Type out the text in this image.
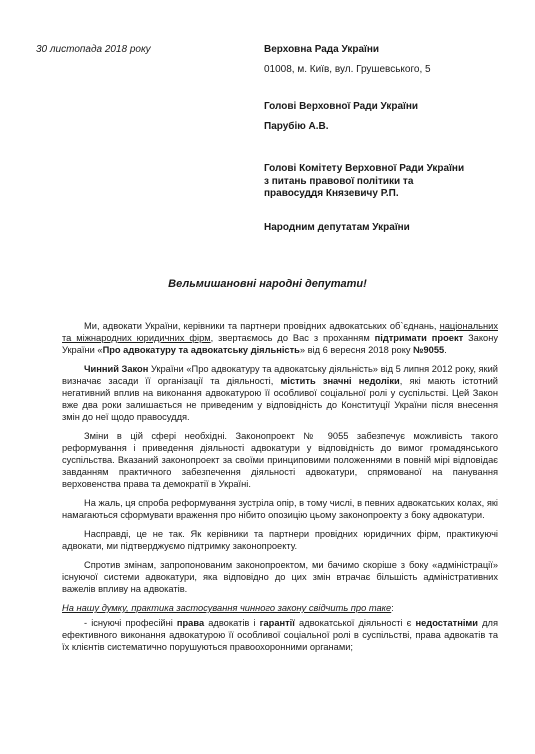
30 листопада 2018 року	Верховна Рада України
01008, м. Київ, вул. Грушевського, 5
Голові Верховної Ради України
Парубію А.В.
Голові Комітету Верховної Ради України
з питань правової політики та
правосуддя Князевичу Р.П.
Народним депутатам України
Вельмишановні народні депутати!

Ми, адвокати України, керівники та партнери провідних адвокатських об`єднань, національних та міжнародних юридичних фірм, звертаємось до Вас з проханням підтримати проект Закону України «Про адвокатуру та адвокатську діяльність» від 6 вересня 2018 року №9055.

Чинний Закон України «Про адвокатуру та адвокатську діяльність» від 5 липня 2012 року, який визначає засади її організації та діяльності, містить значні недоліки, які мають істотний негативний вплив на виконання адвокатурою її особливої соціальної ролі у суспільстві. Цей Закон вже два роки залишається не приведеним у відповідність до Конституції України після внесення змін до неї щодо правосуддя.

Зміни в цій сфері необхідні. Законопроект № 9055 забезпечує можливість такого реформування і приведення діяльності адвокатури у відповідність до вимог громадянського суспільства. Вказаний законопроект за своїми принциповими положеннями в повній мірі відповідає завданням практичного забезпечення діяльності адвокатури, спрямованої на панування верховенства права та демократії в Україні.

На жаль, ця спроба реформування зустріла опір, в тому числі, в певних адвокатських колах, які намагаються сформувати враження про нібито опозицію цьому законопроекту з боку адвокатури.

Насправді, це не так. Як керівники та партнери провідних юридичних фірм, практикуючі адвокати, ми підтверджуємо підтримку законопроекту.

Спротив змінам, запропонованим законопроектом, ми бачимо скоріше з боку «адміністрації» існуючої системи адвокатури, яка відповідно до цих змін втрачає більшість адміністративних важелів впливу на адвокатів.

На нашу думку, практика застосування чинного закону свідчить про таке:

- існуючі професійні права адвокатів і гарантії адвокатської діяльності є недостатніми для ефективного виконання адвокатурою її особливої соціальної ролі в суспільстві, права адвокатів та їх клієнтів систематично порушуються правоохоронними органами;
